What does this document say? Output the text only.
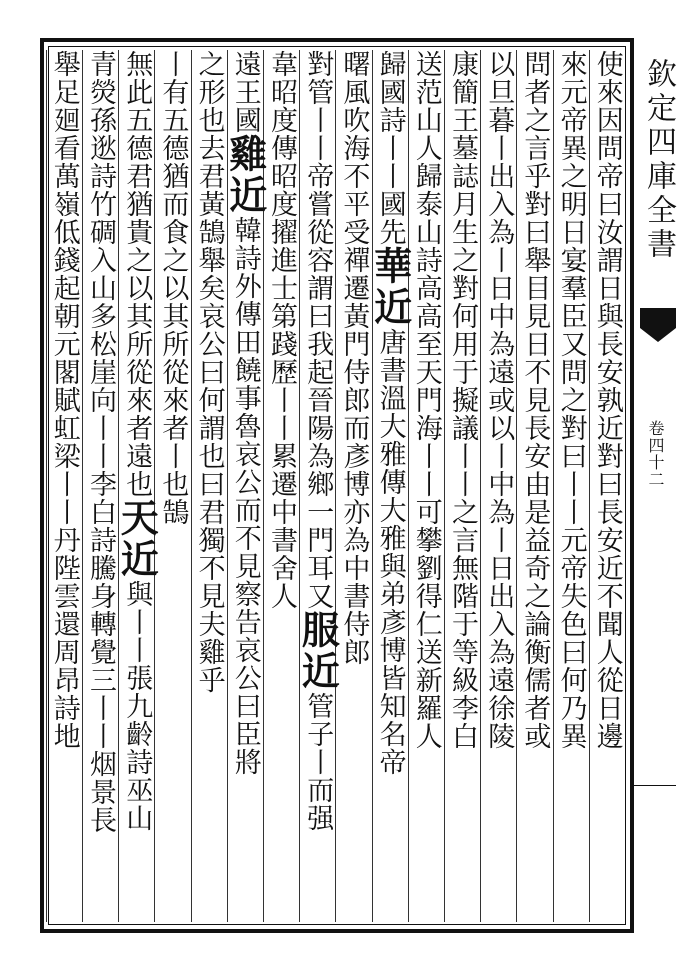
使來因問帝曰汝謂日與長安孰近對曰長安近不聞人從日邊
來元帝異之明日宴羣臣又問之對曰丨丨元帝失色曰何乃異
問者之言乎對曰舉目見日不見長安由是益奇之論衡儒者或
以旦暮丨出入為丨日中為遠或以丨中為丨日出入為遠徐陵
康簡王墓誌月生之對何用于擬議丨丨之言無階于等級李白
送范山人歸泰山詩高高至天門海丨丨可攀劉得仁送新羅人
歸國詩丨丨國先華近唐書溫大雅傳大雅與弟彥博皆知名帝
曙風吹海不平受禪遷黃門侍郎而彥博亦為中書侍郎
對管丨丨帝嘗從容謂曰我起晉陽為鄉一門耳又服近管子丨而强
韋昭度傳昭度擢進士第踐歷丨丨累遷中書舍人
遠王國雞近韓詩外傳田饒事魯哀公而不見察告哀公曰臣將
之形也去君黃鵠舉矣哀公曰何謂也曰君獨不見夫雞乎
丨有五德猶而食之以其所從來者丨也鵠
無此五德君猶貴之以其所從來者遠也天近與丨丨張九齡詩巫山
青熒孫逖詩竹碉入山多松崖向丨丨李白詩騰身轉覺三丨丨烟景長
舉足廻看萬嶺低錢起朝元閣賦虹梁丨丨丹陛雲還周昂詩地	欽定四庫全書
卷四十二
